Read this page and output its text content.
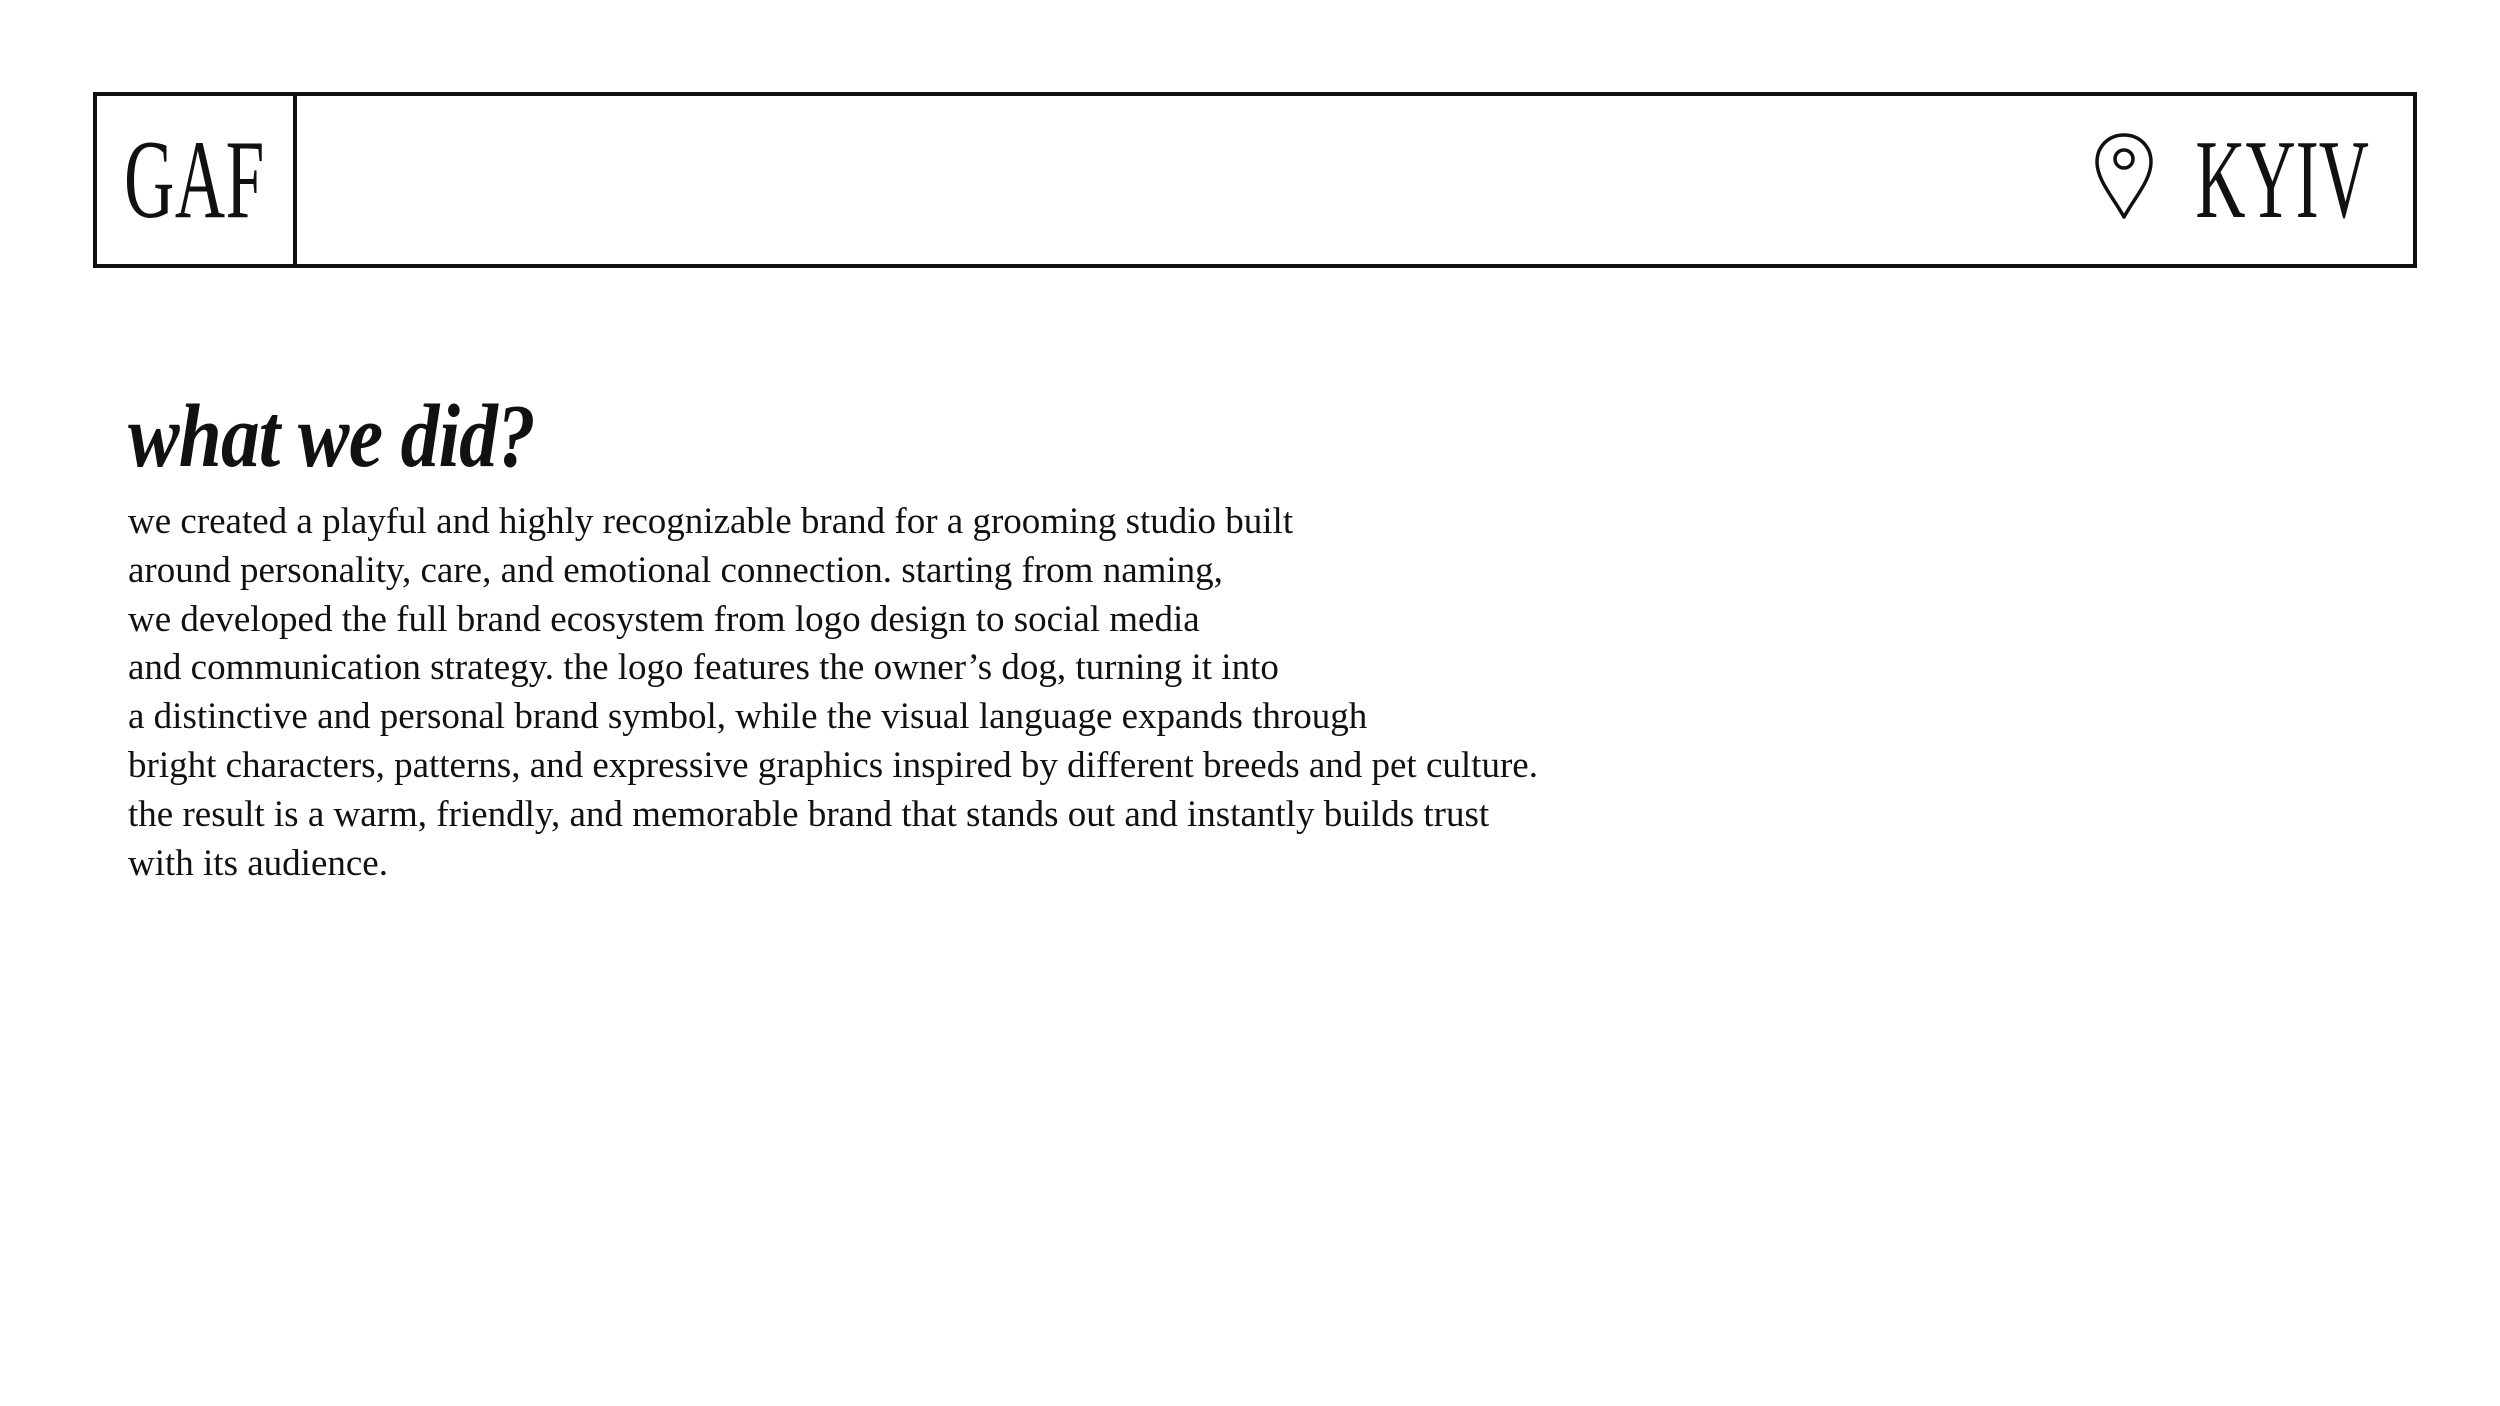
GAF	KYIV
what we did?

we created a playful and highly recognizable brand for a grooming studio built
around personality, care, and emotional connection. starting from naming,
we developed the full brand ecosystem from logo design to social media
and communication strategy. the logo features the owner’s dog, turning it into
a distinctive and personal brand symbol, while the visual language expands through
bright characters, patterns, and expressive graphics inspired by different breeds and pet culture.
the result is a warm, friendly, and memorable brand that stands out and instantly builds trust
with its audience.
